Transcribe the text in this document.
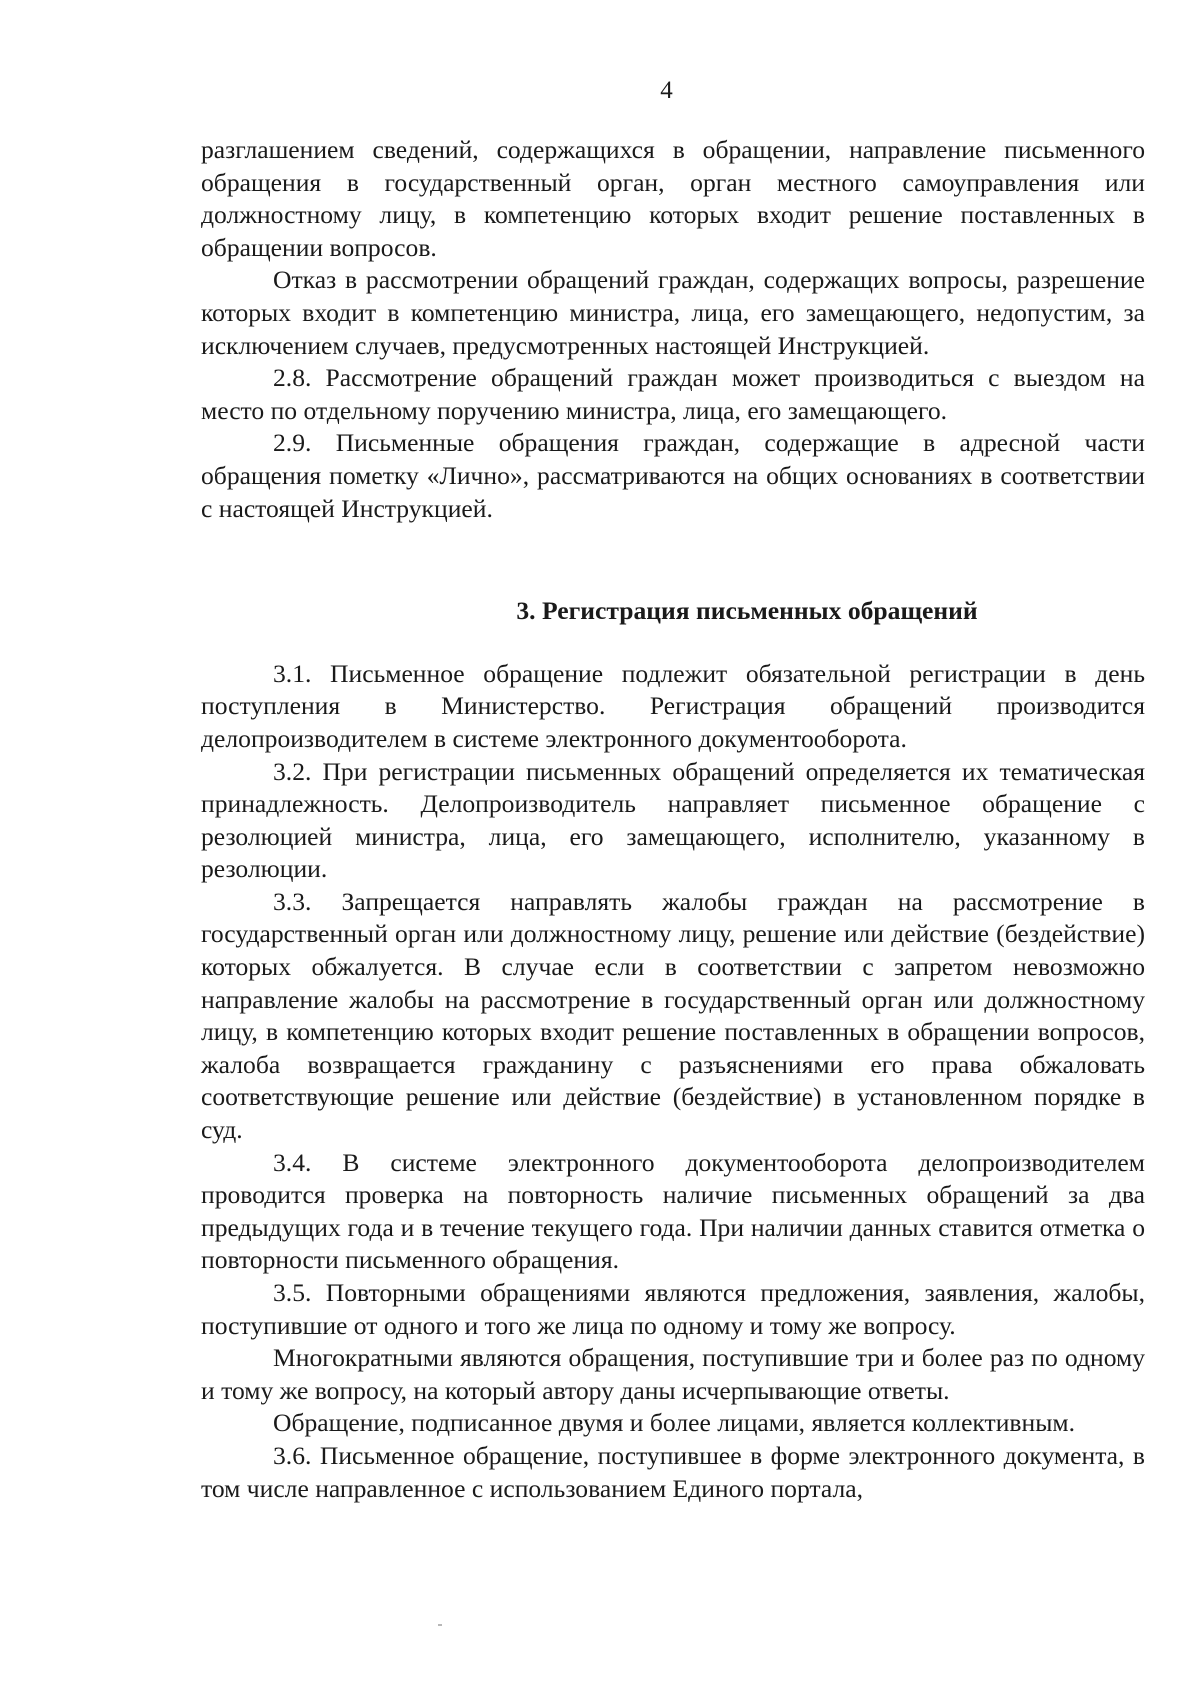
4

разглашением сведений, содержащихся в обращении, направление письменного обращения в государственный орган, орган местного самоуправления или должностному лицу, в компетенцию которых входит решение поставленных в обращении вопросов.

Отказ в рассмотрении обращений граждан, содержащих вопросы, разрешение которых входит в компетенцию министра, лица, его замещающего, недопустим, за исключением случаев, предусмотренных настоящей Инструкцией.

2.8. Рассмотрение обращений граждан может производиться с выездом на место по отдельному поручению министра, лица, его замещающего.

2.9. Письменные обращения граждан, содержащие в адресной части обращения пометку «Лично», рассматриваются на общих основаниях в соответствии с настоящей Инструкцией.

3. Регистрация письменных обращений

3.1. Письменное обращение подлежит обязательной регистрации в день поступления в Министерство. Регистрация обращений производится делопроизводителем в системе электронного документооборота.

3.2. При регистрации письменных обращений определяется их тематическая принадлежность. Делопроизводитель направляет письменное обращение с резолюцией министра, лица, его замещающего, исполнителю, указанному в резолюции.

3.3. Запрещается направлять жалобы граждан на рассмотрение в государственный орган или должностному лицу, решение или действие (бездействие) которых обжалуется. В случае если в соответствии с запретом невозможно направление жалобы на рассмотрение в государственный орган или должностному лицу, в компетенцию которых входит решение поставленных в обращении вопросов, жалоба возвращается гражданину с разъяснениями его права обжаловать соответствующие решение или действие (бездействие) в установленном порядке в суд.

3.4. В системе электронного документооборота делопроизводителем проводится проверка на повторность наличие письменных обращений за два предыдущих года и в течение текущего года. При наличии данных ставится отметка о повторности письменного обращения.

3.5. Повторными обращениями являются предложения, заявления, жалобы, поступившие от одного и того же лица по одному и тому же вопросу.

Многократными являются обращения, поступившие три и более раз по одному и тому же вопросу, на который автору даны исчерпывающие ответы.

Обращение, подписанное двумя и более лицами, является коллективным.

3.6. Письменное обращение, поступившее в форме электронного документа, в том числе направленное с использованием Единого портала,
